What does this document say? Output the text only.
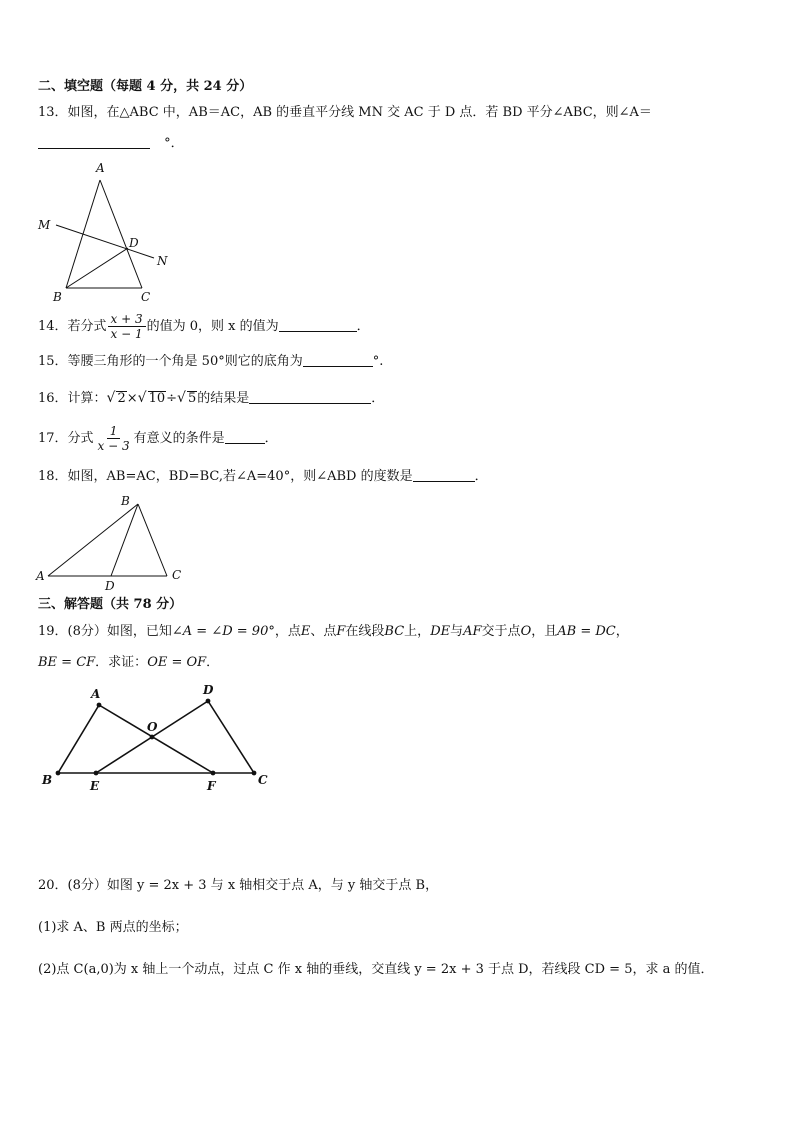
二、填空题（每题 4 分，共 24 分）
13．如图，在△ABC 中，AB＝AC，AB 的垂直平分线 MN 交 AC 于 D 点．若 BD 平分∠ABC，则∠A＝
°．
A
M
D
N
B	C
14．若分式 $\frac{x + 3}{x - 1}$ 的值为 0，则 x 的值为	．
15．等腰三角形的一个角是 50°则它的底角为	°.
16．计算：√ 2×√ 10÷√ 5的结果是	．
17．分式 $\frac{1}{x - 3}$ 有意义的条件是	．
18．如图，AB=AC，BD=BC,若∠A=40°，则∠ABD 的度数是	．
B
A
D
C
三、解答题（共 78 分）
19．(8分）如图，已知∠A = ∠D = 90°，点E、点F在线段BC上，DE与AF交于点O，且AB = DC，
BE = CF．求证：OE = OF．
A	D
O
B	E	F	C
20．(8分）如图 y = 2x + 3 与 x 轴相交于点 A，与 y 轴交于点 B，
(1)求 A、B 两点的坐标；
(2)点 C(a,0)为 x 轴上一个动点，过点 C 作 x 轴的垂线，交直线 y = 2x + 3 于点 D，若线段 CD = 5，求 a 的值．
